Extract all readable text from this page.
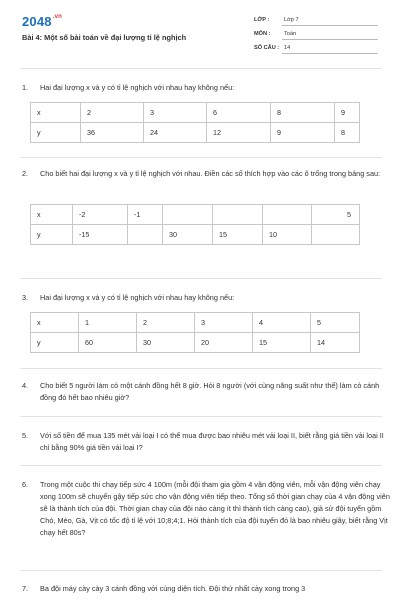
$2048^{.vn}$
Bài 4: Một số bài toán về đại lượng tỉ lệ nghịch
LỚP :	Lớp 7
MÔN : Toán
SỐ CÂU : 14
1.	Hai đại lượng x và y có tỉ lệ nghịch với nhau hay không nếu:
x	2	3	6	8	9
y	36	24	12	9	8
2.	Cho biết hai đại lượng x và y tỉ lệ nghịch với nhau. Điền các số thích hợp vào các ô trống trong bảng sau:
x	-2	-1				5
y	-15		30	15	10	
3.	Hai đại lượng x và y có tỉ lệ nghịch với nhau hay không nếu:
x	1	2	3	4	5
y	60	30	20	15	14
4.	Cho biết 5 người làm cỏ một cánh đồng hết 8 giờ. Hỏi 8 người (với cùng năng suất như thế) làm cỏ cánh đồng đó hết bao nhiêu giờ?
5.	Với số tiền để mua 135 mét vải loại I có thể mua được bao nhiêu mét vải loại II, biết rằng giá tiền vải loại II chỉ bằng 90% giá tiền vải loại I?
6.	Trong một cuộc thi chạy tiếp sức 4 100m (mỗi đội tham gia gồm 4 vận động viên, mỗi vận động viên chạy xong 100m sẽ chuyển gậy tiếp sức cho vận động viên tiếp theo. Tổng số thời gian chạy của 4 vận động viên sẽ là thành tích của đội. Thời gian chạy của đội nào càng ít thì thành tích càng cao), giả sử đội tuyển gồm Chó, Mèo, Gà, Vịt có tốc độ tỉ lệ với 10;8;4;1. Hỏi thành tích của đội tuyển đó là bao nhiêu giây, biết rằng Vịt chạy hết 80s?
7.	Ba đội máy cày cày 3 cánh đồng với cùng diện tích. Đội thứ nhất cày xong trong 3
